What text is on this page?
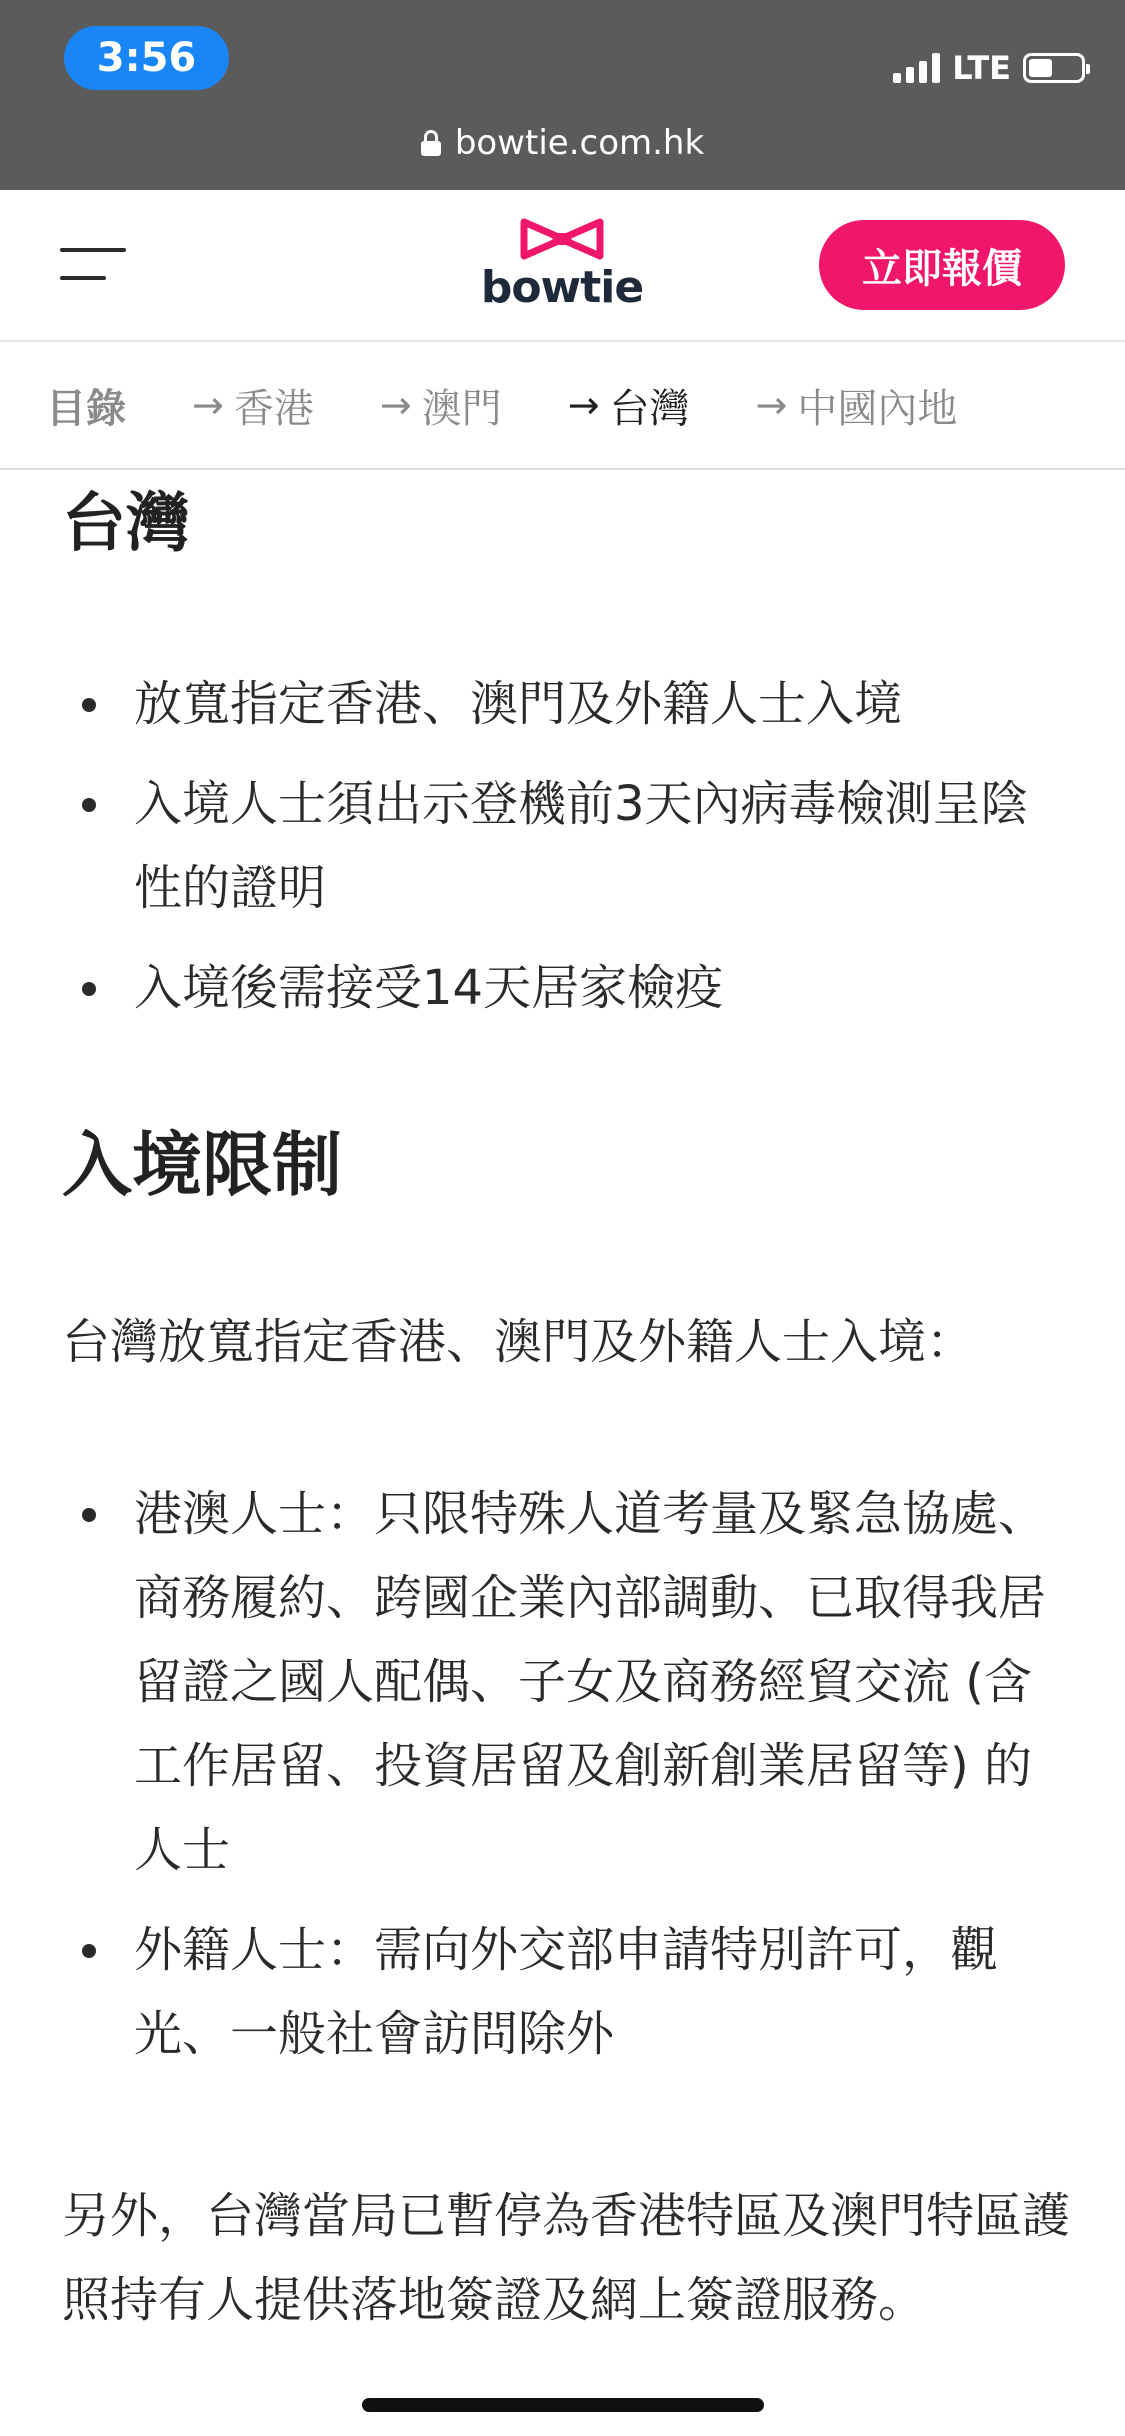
3:56	LTE
bowtie.com.hk
bowtie	立即報價
目錄 → 香港 → 澳門 → 台灣 → 中國內地
台灣
放寬指定香港、澳門及外籍人士入境
入境人士須出示登機前3天內病毒檢測呈陰性的證明
入境後需接受14天居家檢疫
入境限制

台灣放寬指定香港、澳門及外籍人士入境：

港澳人士：只限特殊人道考量及緊急協處、商務履約、跨國企業內部調動、已取得我居留證之國人配偶、子女及商務經貿交流 (含工作居留、投資居留及創新創業居留等) 的人士
外籍人士：需向外交部申請特別許可，觀光、一般社會訪問除外

另外，台灣當局已暫停為香港特區及澳門特區護照持有人提供落地簽證及網上簽證服務。
